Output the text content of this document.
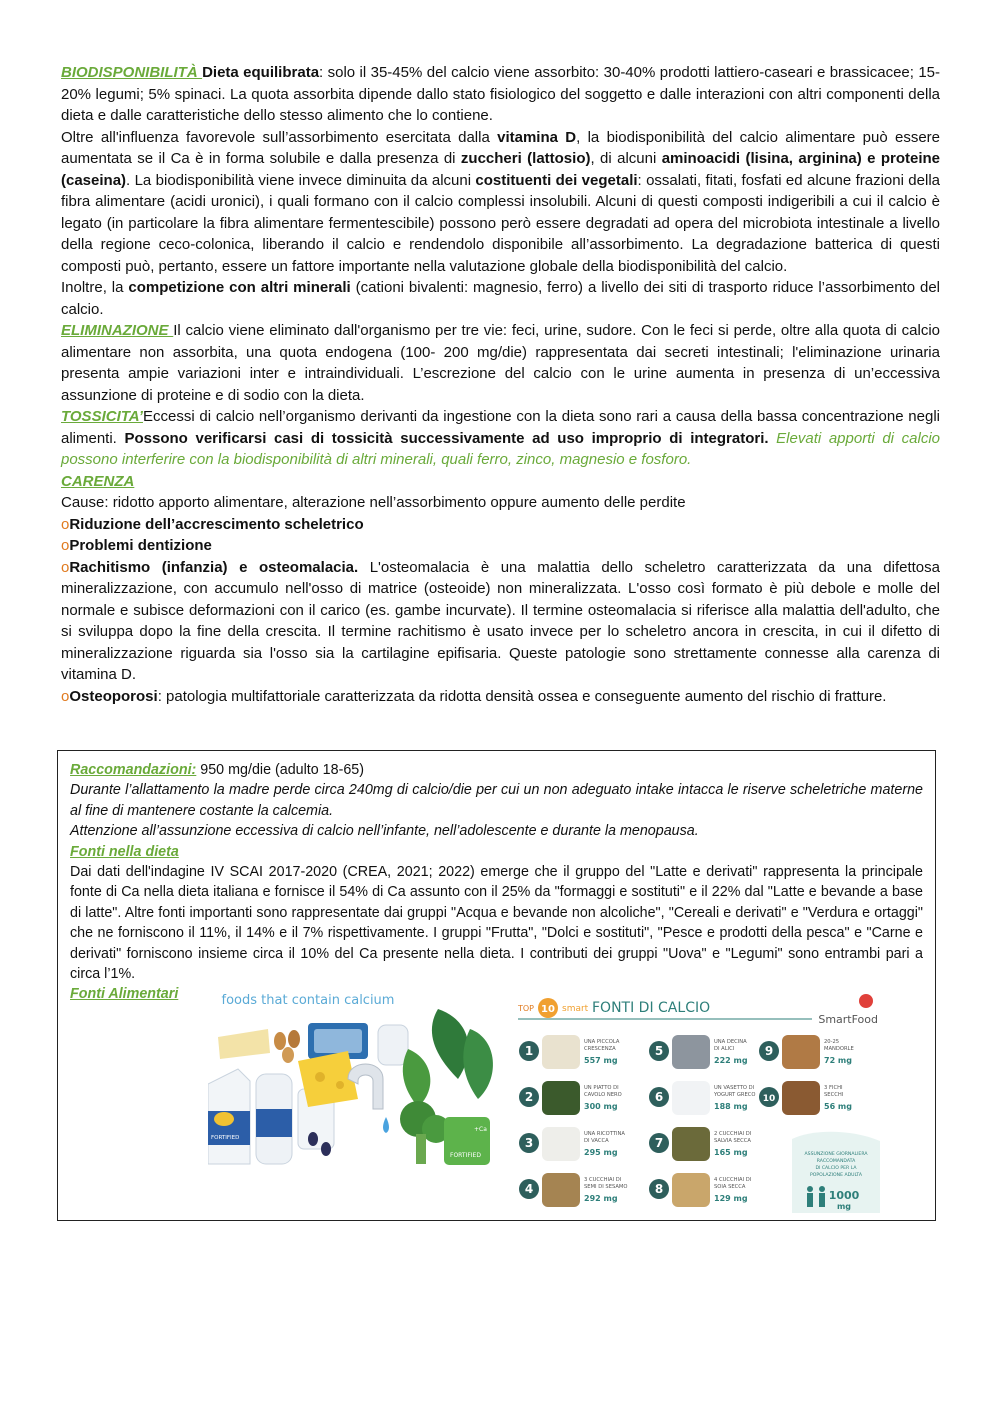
BIODISPONIBILITÀ Dieta equilibrata: solo il 35-45% del calcio viene assorbito: 30-40% prodotti lattiero-caseari e brassicacee; 15-20% legumi; 5% spinaci. La quota assorbita dipende dallo stato fisiologico del soggetto e dalle interazioni con altri componenti della dieta e dalle caratteristiche dello stesso alimento che lo contiene.

Oltre all'influenza favorevole sull’assorbimento esercitata dalla vitamina D, la biodisponibilità del calcio alimentare può essere aumentata se il Ca è in forma solubile e dalla presenza di zuccheri (lattosio), di alcuni aminoacidi (lisina, arginina) e proteine (caseina). La biodisponibilità viene invece diminuita da alcuni costituenti dei vegetali: ossalati, fitati, fosfati ed alcune frazioni della fibra alimentare (acidi uronici), i quali formano con il calcio complessi insolubili. Alcuni di questi composti indigeribili a cui il calcio è legato (in particolare la fibra alimentare fermentescibile) possono però essere degradati ad opera del microbiota intestinale a livello della regione ceco-colonica, liberando il calcio e rendendolo disponibile all’assorbimento. La degradazione batterica di questi composti può, pertanto, essere un fattore importante nella valutazione globale della biodisponibilità del calcio.

Inoltre, la competizione con altri minerali (cationi bivalenti: magnesio, ferro) a livello dei siti di trasporto riduce l’assorbimento del calcio.

ELIMINAZIONE Il calcio viene eliminato dall'organismo per tre vie: feci, urine, sudore. Con le feci si perde, oltre alla quota di calcio alimentare non assorbita, una quota endogena (100- 200 mg/die) rappresentata dai secreti intestinali; l'eliminazione urinaria presenta ampie variazioni inter e intraindividuali. L’escrezione del calcio con le urine aumenta in presenza di un’eccessiva assunzione di proteine e di sodio con la dieta.

TOSSICITA’Eccessi di calcio nell’organismo derivanti da ingestione con la dieta sono rari a causa della bassa concentrazione negli alimenti. Possono verificarsi casi di tossicità successivamente ad uso improprio di integratori. Elevati apporti di calcio possono interferire con la biodisponibilità di altri minerali, quali ferro, zinco, magnesio e fosforo.

CARENZA

Cause: ridotto apporto alimentare, alterazione nell’assorbimento oppure aumento delle perdite

oRiduzione dell’accrescimento scheletrico

oProblemi dentizione

oRachitismo (infanzia) e osteomalacia. L'osteomalacia è una malattia dello scheletro caratterizzata da una difettosa mineralizzazione, con accumulo nell'osso di matrice (osteoide) non mineralizzata. L'osso così formato è più debole e molle del normale e subisce deformazioni con il carico (es. gambe incurvate). Il termine osteomalacia si riferisce alla malattia dell'adulto, che si sviluppa dopo la fine della crescita. Il termine rachitismo è usato invece per lo scheletro ancora in crescita, in cui il difetto di mineralizzazione riguarda sia l'osso sia la cartilagine epifisaria. Queste patologie sono strettamente connesse alla carenza di vitamina D.

oOsteoporosi: patologia multifattoriale caratterizzata da ridotta densità ossea e conseguente aumento del rischio di fratture.

Raccomandazioni: 950 mg/die (adulto 18-65)

Durante l’allattamento la madre perde circa 240mg di calcio/die per cui un non adeguato intake intacca le riserve scheletriche materne al fine di mantenere costante la calcemia.

Attenzione all’assunzione eccessiva di calcio nell’infante, nell’adolescente e durante la menopausa.

Fonti nella dieta

Dai dati dell'indagine IV SCAI 2017-2020 (CREA, 2021; 2022) emerge che il gruppo del "Latte e derivati" rappresenta la principale fonte di Ca nella dieta italiana e fornisce il 54% di Ca assunto con il 25% da "formaggi e sostituti" e il 22% dal "Latte e bevande a base di latte". Altre fonti importanti sono rappresentate dai gruppi "Acqua e bevande non alcoliche", "Cereali e derivati" e "Verdura e ortaggi" che ne forniscono il 11%, il 14% e il 7% rispettivamente. I gruppi "Frutta", "Dolci e sostituti", "Pesce e prodotti della pesca" e "Carne e derivati" forniscono insieme circa il 10% del Ca presente nella dieta. I contributi dei gruppi "Uova" e "Legumi" sono entrambi pari a circa l’1%.

Fonti Alimentari	foods that contain calcium
FORTIFIED
+Ca
FORTIFIED
TOP 10 smart FONTI DI CALCIO
SmartFood
1
UNA PICCOLA
CRESCENZA
557 mg
2
UN PIATTO DI
CAVOLO NERO
300 mg
3
UNA RICOTTINA
DI VACCA
295 mg
4
3 CUCCHIAI DI
SEMI DI SESAMO
292 mg
5
UNA DECINA
DI ALICI
222 mg
6
UN VASETTO DI
YOGURT GRECO
188 mg
7
2 CUCCHIAI DI
SALVIA SECCA
165 mg
8
4 CUCCHIAI DI
SOIA SECCA
129 mg
9
20-25
MANDORLE
72 mg
10
3 FICHI
SECCHI
56 mg
ASSUNZIONE GIORNALIERA
RACCOMANDATA
DI CALCIO PER LA
POPOLAZIONE ADULTA
1000
mg
